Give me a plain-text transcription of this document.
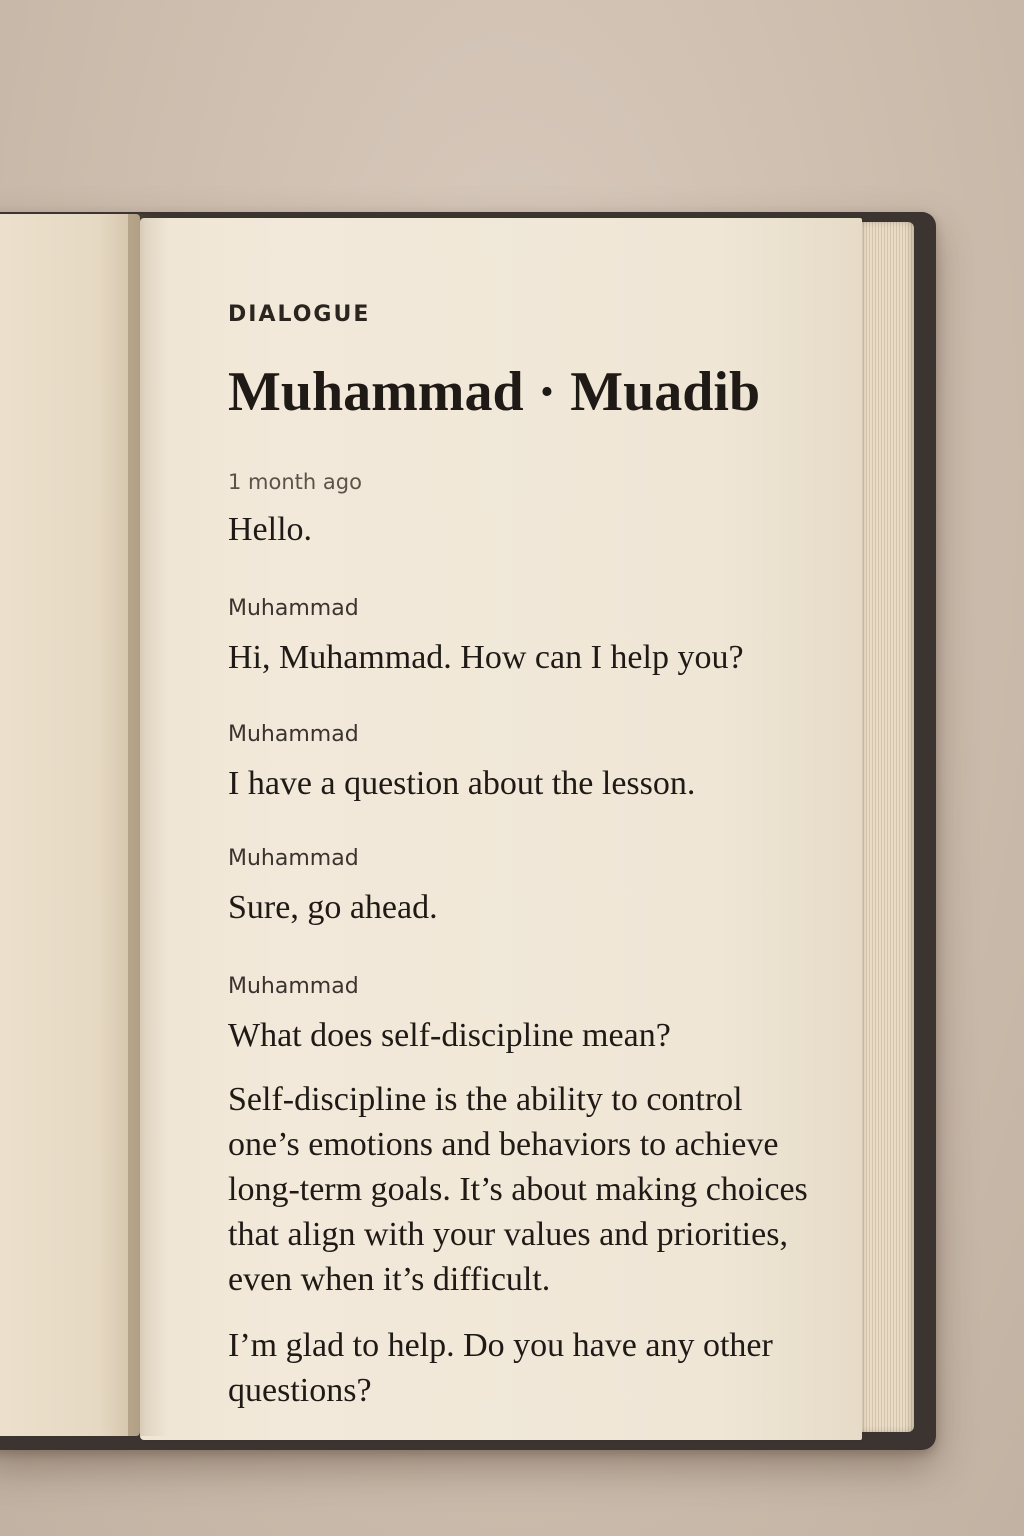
DIALOGUE
Muhammad · Muadib
1 month ago
Hello.
Muhammad
Hi, Muhammad. How can I help you?
Muhammad
I have a question about the lesson.
Muhammad
Sure, go ahead.
Muhammad
What does self-discipline mean?
Self-discipline is the ability to control one’s emotions and behaviors to achieve long-term goals. It’s about making choices that align with your values and priorities, even when it’s difficult.
I’m glad to help. Do you have any other questions?
